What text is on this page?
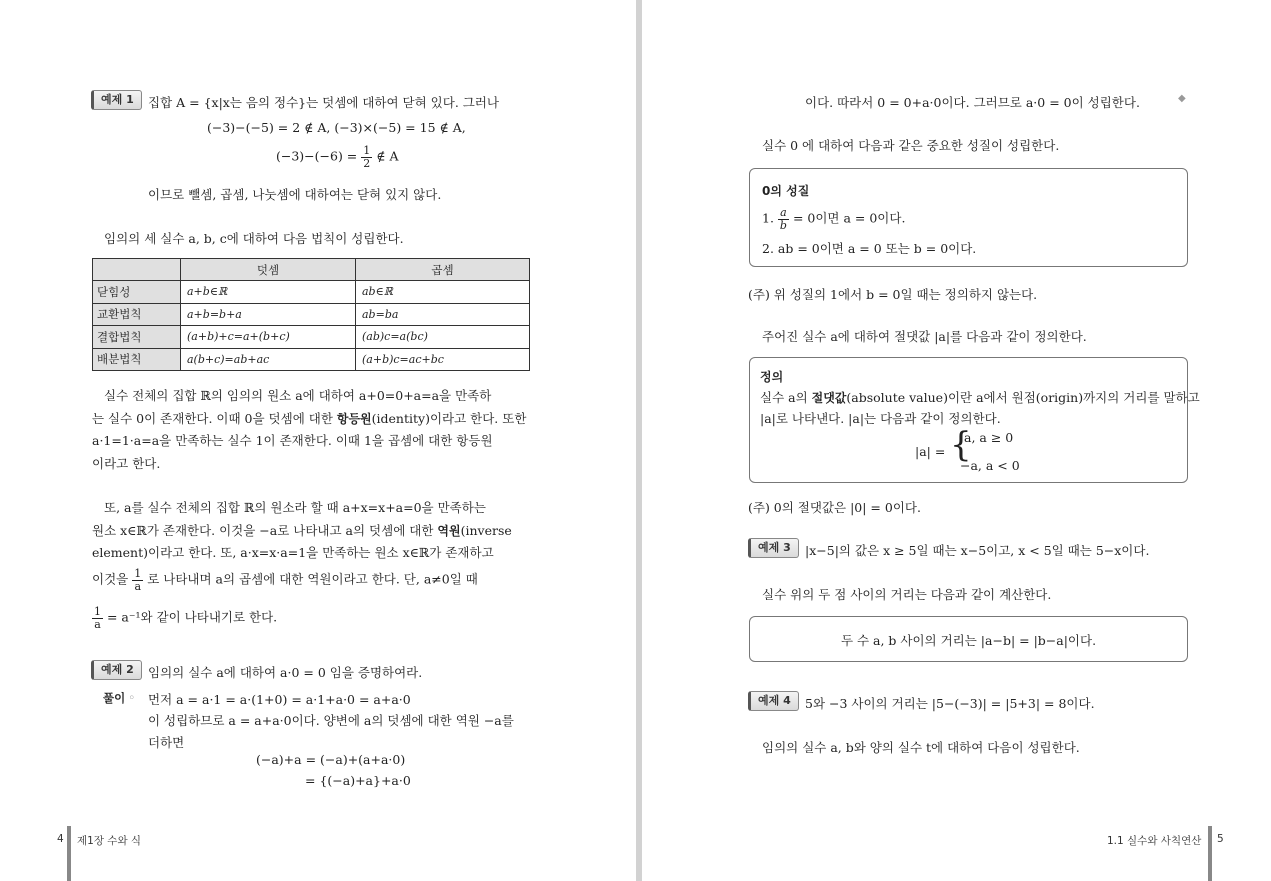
예제 1	집합 A = {x|x는 음의 정수}는 덧셈에 대하여 닫혀 있다. 그러나
(−3)−(−5) = 2 ∉ A, (−3)×(−5) = 15 ∉ A,
$(-3)-(-6) = \frac{1}{2}$ ∉ A
이므로 뺄셈, 곱셈, 나눗셈에 대하여는 닫혀 있지 않다.
임의의 세 실수 a, b, c에 대하여 다음 법칙이 성립한다.
	덧셈	곱셈
닫힘성	a+b∈ℝ	ab∈ℝ
교환법칙	a+b=b+a	ab=ba
결합법칙	(a+b)+c=a+(b+c)	(ab)c=a(bc)
배분법칙	a(b+c)=ab+ac	(a+b)c=ac+bc
실수 전체의 집합 ℝ의 임의의 원소 a에 대하여 a+0=0+a=a을 만족하
는 실수 0이 존재한다. 이때 0을 덧셈에 대한 항등원(identity)이라고 한다. 또한
a·1=1·a=a을 만족하는 실수 1이 존재한다. 이때 1을 곱셈에 대한 항등원
이라고 한다.
또, a를 실수 전체의 집합 ℝ의 원소라 할 때 a+x=x+a=0을 만족하는
원소 x∈ℝ가 존재한다. 이것을 −a로 나타내고 a의 덧셈에 대한 역원(inverse
element)이라고 한다. 또, a·x=x·a=1을 만족하는 원소 x∈ℝ가 존재하고
이것을 $\frac{1}{a}$ 로 나타내며 a의 곱셈에 대한 역원이라고 한다. 단, a≠0일 때
$\frac{1}{a} = a^{-1}$와 같이 나타내기로 한다.
예제 2	임의의 실수 a에 대하여 a·0 = 0 임을 증명하여라.
풀이 ◦ 먼저 a = a·1 = a·(1+0) = a·1+a·0 = a+a·0
이 성립하므로 a = a+a·0이다. 양변에 a의 덧셈에 대한 역원 −a를
더하면
(−a)+a = (−a)+(a+a·0)
= {(−a)+a}+a·0
4 제1장 수와 식
이다. 따라서 0 = 0+a·0이다. 그러므로 a·0 = 0이 성립한다.	◆
실수 0 에 대하여 다음과 같은 중요한 성질이 성립한다.
0의 성질
1. $\frac{a}{b} = 0$이면 a = 0이다.
2. ab = 0이면 a = 0 또는 b = 0이다.
(주) 위 성질의 1에서 b = 0일 때는 정의하지 않는다.
주어진 실수 a에 대하여 절댓값 |a|를 다음과 같이 정의한다.
정의
실수 a의 절댓값(absolute value)이란 a에서 원점(origin)까지의 거리를 말하고
|a|로 나타낸다. |a|는 다음과 같이 정의한다.
|a| = {
a, a ≥ 0
−a, a < 0
(주) 0의 절댓값은 |0| = 0이다.
예제 3	|x−5|의 값은 x ≥ 5일 때는 x−5이고, x < 5일 때는 5−x이다.
실수 위의 두 점 사이의 거리는 다음과 같이 계산한다.
두 수 a, b 사이의 거리는 |a−b| = |b−a|이다.
예제 4	5와 −3 사이의 거리는 |5−(−3)| = |5+3| = 8이다.
임의의 실수 a, b와 양의 실수 t에 대하여 다음이 성립한다.
1.1 실수와 사칙연산 5
